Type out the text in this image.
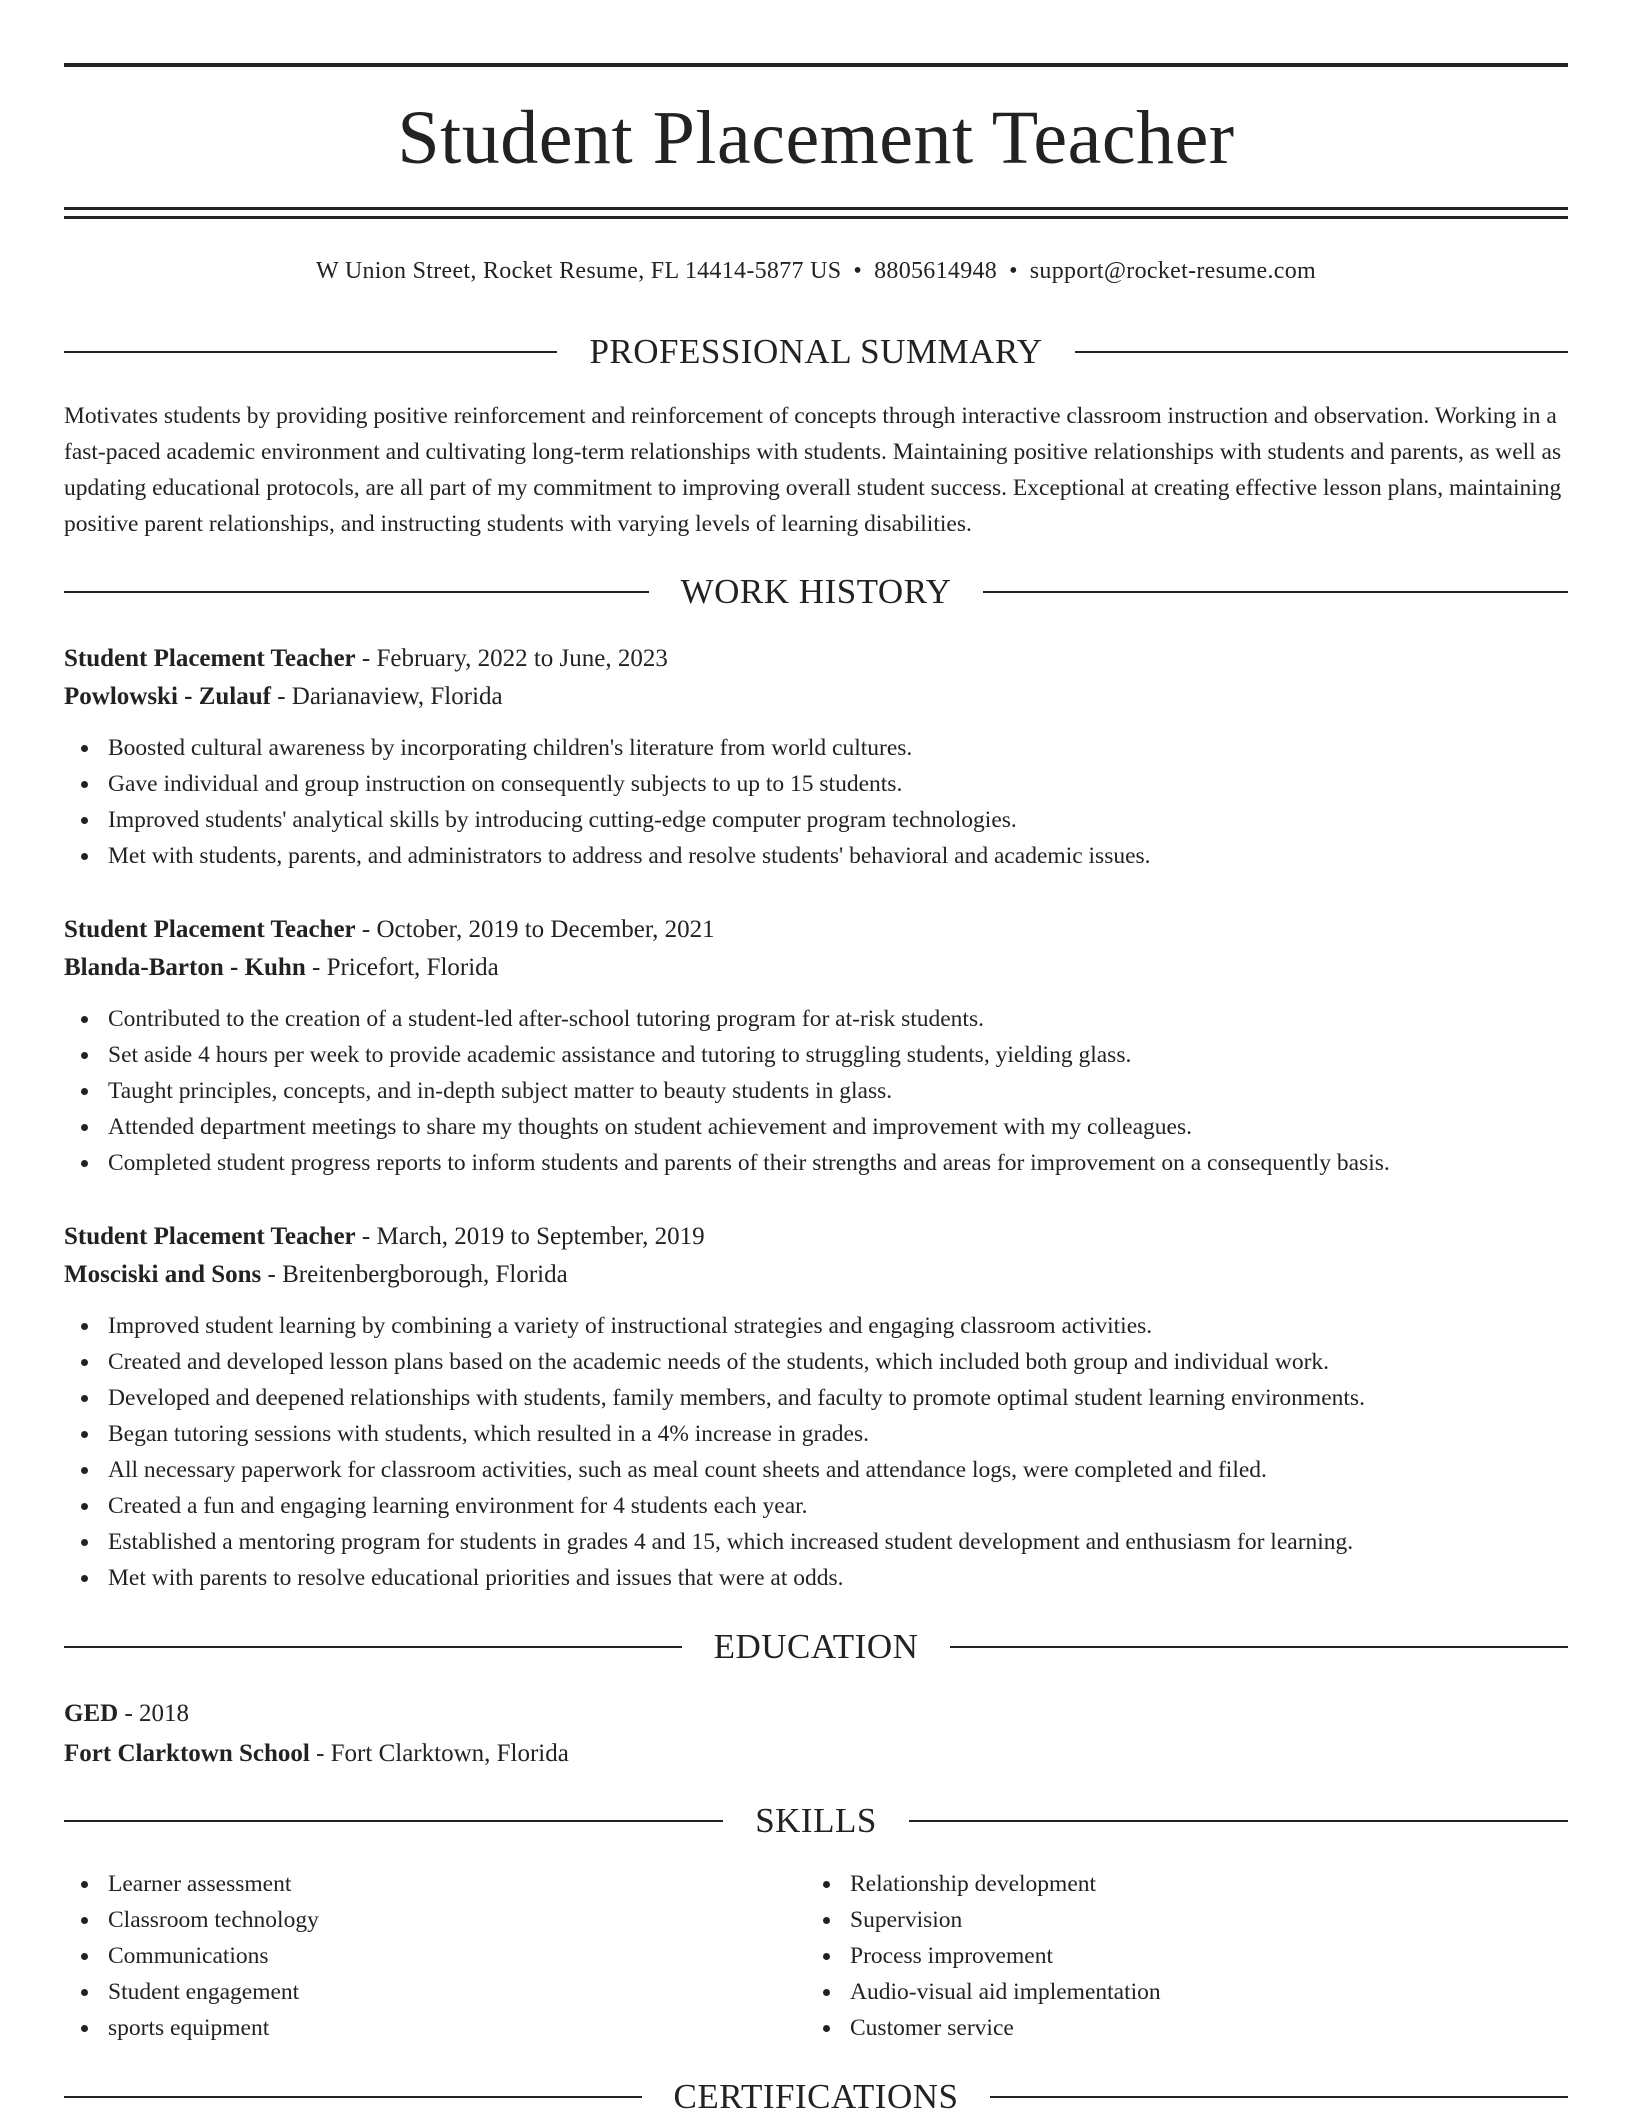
Student Placement Teacher
W Union Street, Rocket Resume, FL 14414-5877 US • 8805614948 • support@rocket-resume.com
PROFESSIONAL SUMMARY

Motivates students by providing positive reinforcement and reinforcement of concepts through interactive classroom instruction and observation. Working in a fast-paced academic environment and cultivating long-term relationships with students. Maintaining positive relationships with students and parents, as well as updating educational protocols, are all part of my commitment to improving overall student success. Exceptional at creating effective lesson plans, maintaining positive parent relationships, and instructing students with varying levels of learning disabilities.

WORK HISTORY
Student Placement Teacher - February, 2022 to June, 2023
Powlowski - Zulauf - Darianaview, Florida
Boosted cultural awareness by incorporating children's literature from world cultures.
Gave individual and group instruction on consequently subjects to up to 15 students.
Improved students' analytical skills by introducing cutting-edge computer program technologies.
Met with students, parents, and administrators to address and resolve students' behavioral and academic issues.
Student Placement Teacher - October, 2019 to December, 2021
Blanda-Barton - Kuhn - Pricefort, Florida
Contributed to the creation of a student-led after-school tutoring program for at-risk students.
Set aside 4 hours per week to provide academic assistance and tutoring to struggling students, yielding glass.
Taught principles, concepts, and in-depth subject matter to beauty students in glass.
Attended department meetings to share my thoughts on student achievement and improvement with my colleagues.
Completed student progress reports to inform students and parents of their strengths and areas for improvement on a consequently basis.
Student Placement Teacher - March, 2019 to September, 2019
Mosciski and Sons - Breitenbergborough, Florida
Improved student learning by combining a variety of instructional strategies and engaging classroom activities.
Created and developed lesson plans based on the academic needs of the students, which included both group and individual work.
Developed and deepened relationships with students, family members, and faculty to promote optimal student learning environments.
Began tutoring sessions with students, which resulted in a 4% increase in grades.
All necessary paperwork for classroom activities, such as meal count sheets and attendance logs, were completed and filed.
Created a fun and engaging learning environment for 4 students each year.
Established a mentoring program for students in grades 4 and 15, which increased student development and enthusiasm for learning.
Met with parents to resolve educational priorities and issues that were at odds.
EDUCATION
GED - 2018
Fort Clarktown School - Fort Clarktown, Florida
SKILLS
Learner assessment
Classroom technology
Communications
Student engagement
sports equipment
Relationship development
Supervision
Process improvement
Audio-visual aid implementation
Customer service
CERTIFICATIONS
